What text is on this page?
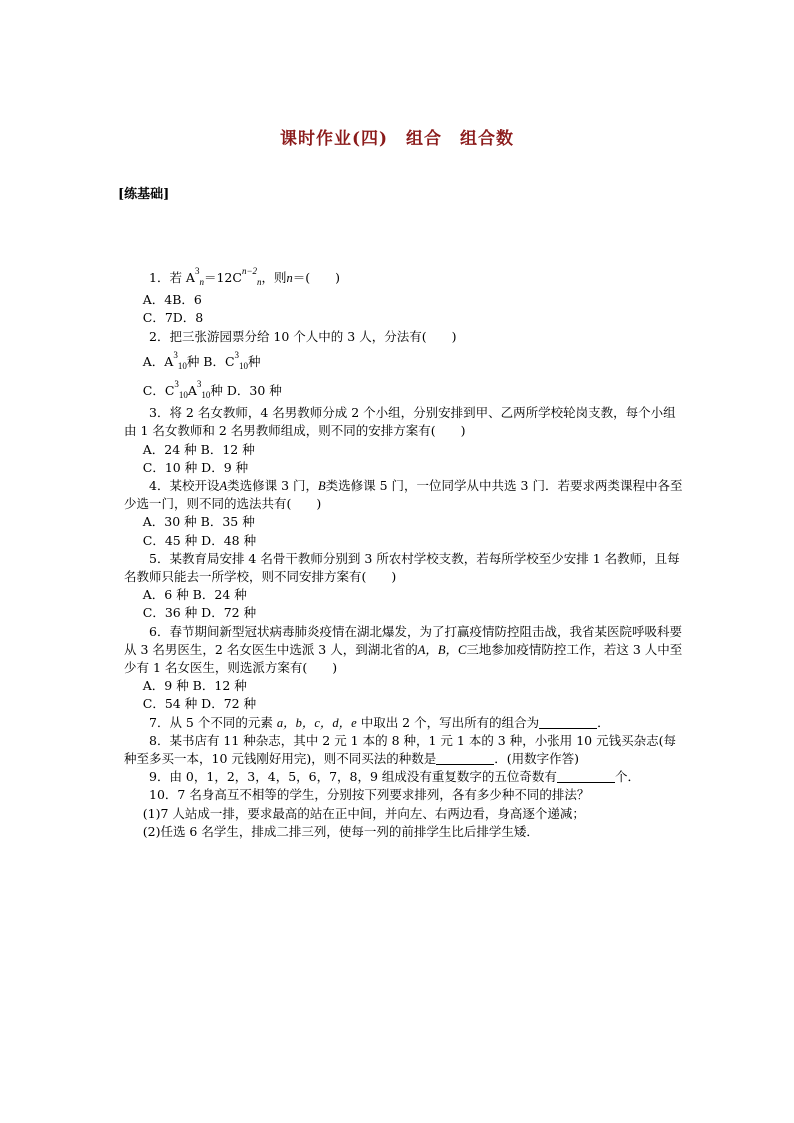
课时作业(四)　组合　组合数
[练基础]

1．若 $A^3_n=12C^{n-2}_n$，则n＝(　　)

A．4B．6

C．7D．8

2．把三张游园票分给 10 个人中的 3 人，分法有(　　)

A．$A^3_{10}$种 B．$C^3_{10}$种

C．$C^3_{10}A^3_{10}$种 D．30 种

3．将 2 名女教师，4 名男教师分成 2 个小组，分别安排到甲、乙两所学校轮岗支教，每个小组由 1 名女教师和 2 名男教师组成，则不同的安排方案有(　　)

A．24 种 B．12 种

C．10 种 D．9 种

4．某校开设A类选修课 3 门，B类选修课 5 门，一位同学从中共选 3 门．若要求两类课程中各至少选一门，则不同的选法共有(　　)

A．30 种 B．35 种

C．45 种 D．48 种

5．某教育局安排 4 名骨干教师分别到 3 所农村学校支教，若每所学校至少安排 1 名教师，且每名教师只能去一所学校，则不同安排方案有(　　)

A．6 种 B．24 种

C．36 种 D．72 种

6．春节期间新型冠状病毒肺炎疫情在湖北爆发，为了打赢疫情防控阻击战，我省某医院呼吸科要从 3 名男医生，2 名女医生中选派 3 人，到湖北省的A，B，C三地参加疫情防控工作，若这 3 人中至少有 1 名女医生，则选派方案有(　　)

A．9 种 B．12 种

C．54 种 D．72 种

7．从 5 个不同的元素 a，b，c，d，e 中取出 2 个，写出所有的组合为	．

8．某书店有 11 种杂志，其中 2 元 1 本的 8 种，1 元 1 本的 3 种，小张用 10 元钱买杂志(每种至多买一本，10 元钱刚好用完)，则不同买法的种数是	．(用数字作答)

9．由 0，1，2，3，4，5，6，7，8，9 组成没有重复数字的五位奇数有	个．

10．7 名身高互不相等的学生，分别按下列要求排列，各有多少种不同的排法？

(1)7 人站成一排，要求最高的站在正中间，并向左、右两边看，身高逐个递减；

(2)任选 6 名学生，排成二排三列，使每一列的前排学生比后排学生矮．
